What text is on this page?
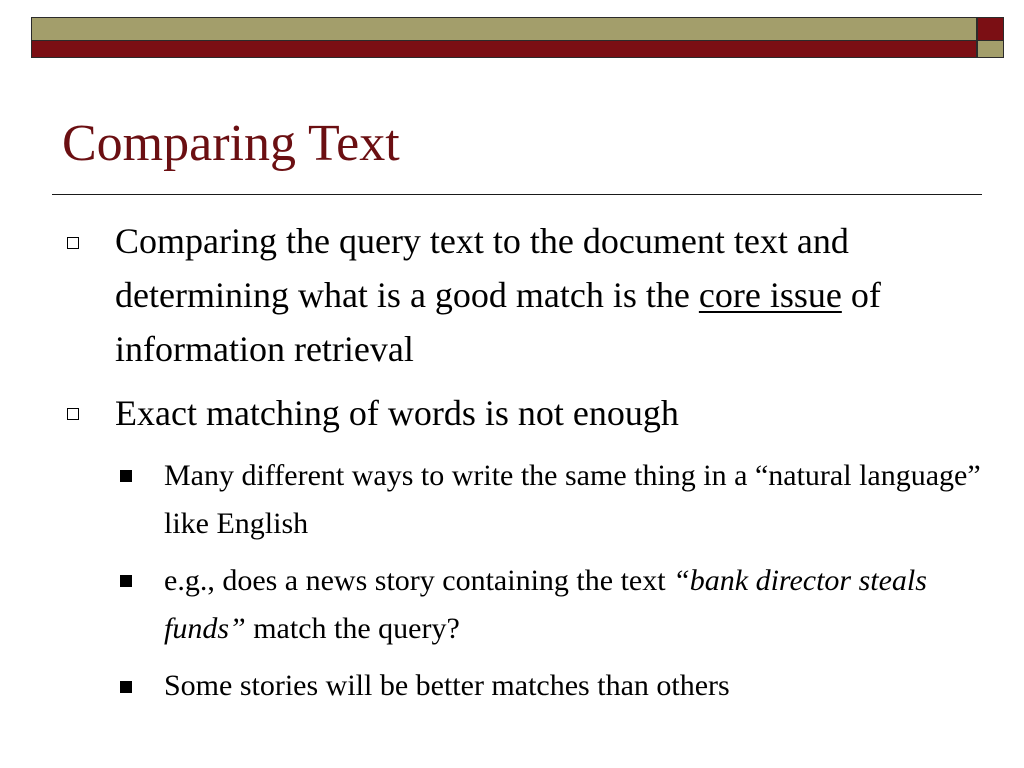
Comparing Text

Comparing the query text to the document text and determining what is a good match is the core issue of information retrieval

Exact matching of words is not enough

Many different ways to write the same thing in a “natural language” like English

e.g., does a news story containing the text “bank director steals funds” match the query?

Some stories will be better matches than others
